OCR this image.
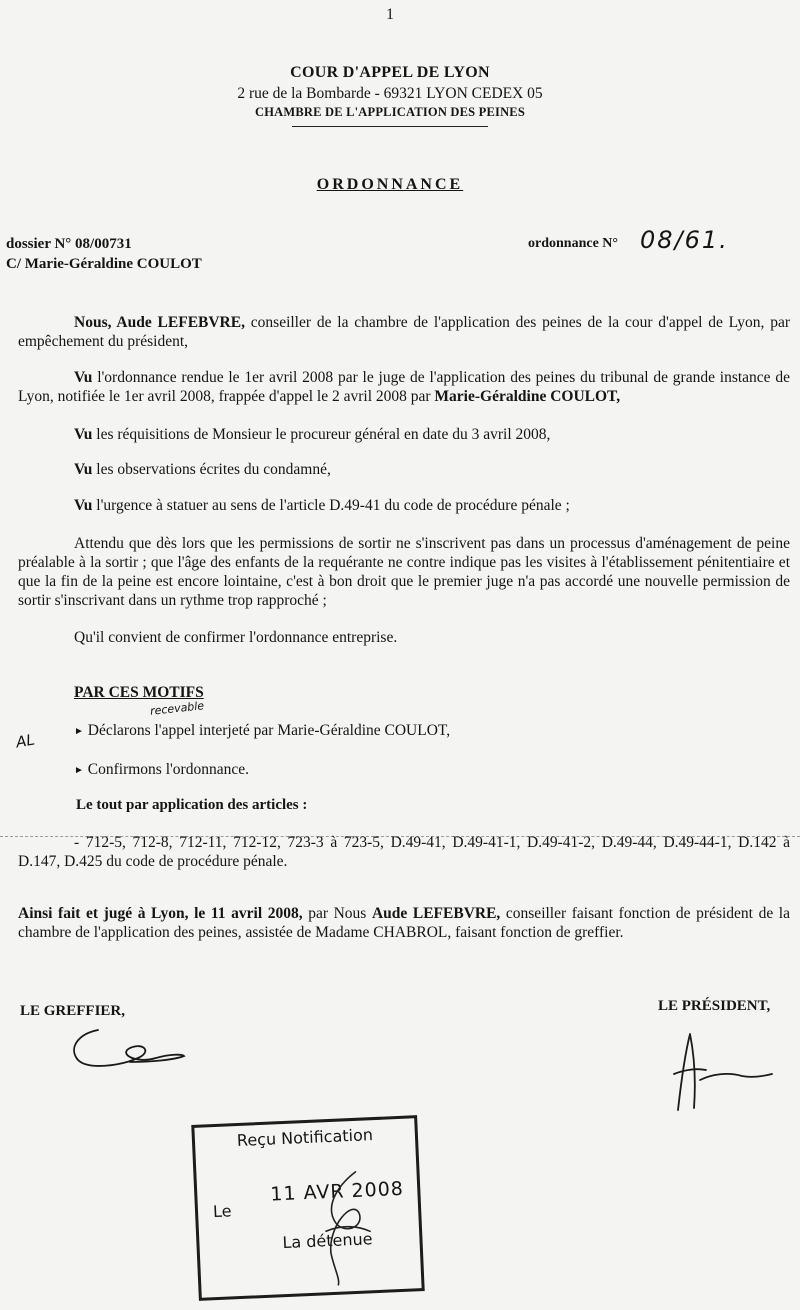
1
COUR D'APPEL DE LYON
2 rue de la Bombarde - 69321 LYON CEDEX 05
CHAMBRE DE L'APPLICATION DES PEINES
ORDONNANCE
dossier N° 08/00731
C/ Marie-Géraldine COULOT
ordonnance N° 08/61.
Nous, Aude LEFEBVRE, conseiller de la chambre de l'application des peines de la cour d'appel de Lyon, par empêchement du président,
Vu l'ordonnance rendue le 1er avril 2008 par le juge de l'application des peines du tribunal de grande instance de Lyon, notifiée le 1er avril 2008, frappée d'appel le 2 avril 2008 par Marie-Géraldine COULOT,
Vu les réquisitions de Monsieur le procureur général en date du 3 avril 2008,
Vu les observations écrites du condamné,
Vu l'urgence à statuer au sens de l'article D.49-41 du code de procédure pénale ;
Attendu que dès lors que les permissions de sortir ne s'inscrivent pas dans un processus d'aménagement de peine préalable à la sortir ; que l'âge des enfants de la requérante ne contre indique pas les visites à l'établissement pénitentiaire et que la fin de la peine est encore lointaine, c'est à bon droit que le premier juge n'a pas accordé une nouvelle permission de sortir s'inscrivant dans un rythme trop rapproché ;
Qu'il convient de confirmer l'ordonnance entreprise.
PAR CES MOTIFS
recevable
AL	► Déclarons l'appel interjeté par Marie-Géraldine COULOT,
► Confirmons l'ordonnance.
Le tout par application des articles :
- 712-5, 712-8, 712-11, 712-12, 723-3 à 723-5, D.49-41, D.49-41-1, D.49-41-2, D.49-44, D.49-44-1, D.142 à D.147, D.425 du code de procédure pénale.
Ainsi fait et jugé à Lyon, le 11 avril 2008, par Nous Aude LEFEBVRE, conseiller faisant fonction de président de la chambre de l'application des peines, assistée de Madame CHABROL, faisant fonction de greffier.
LE GREFFIER,	LE PRÉSIDENT,
Reçu Notification
Le
11 AVR 2008
La détenue
